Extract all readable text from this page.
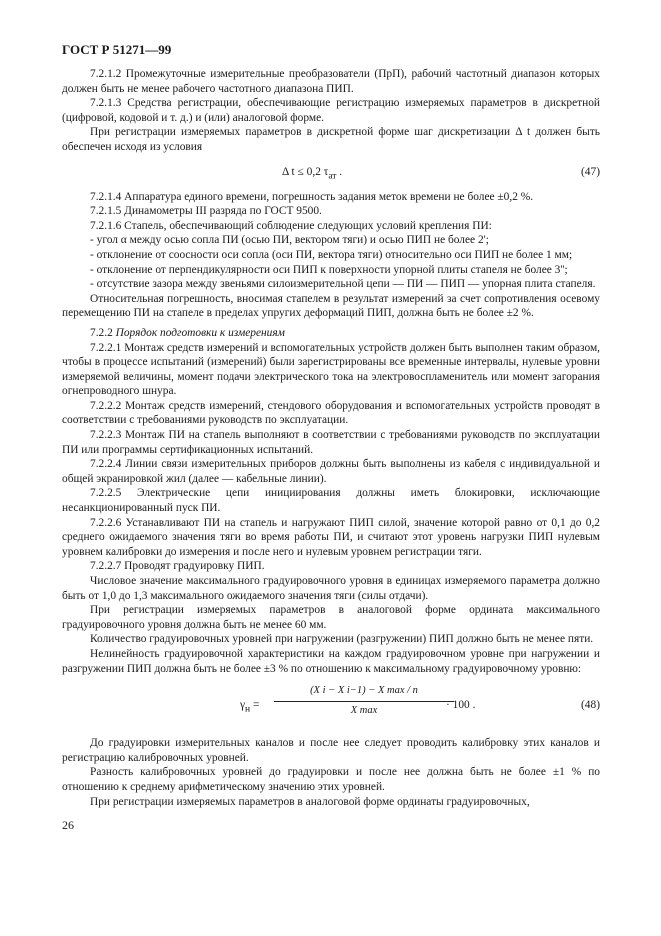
ГОСТ Р 51271—99

7.2.1.2 Промежуточные измерительные преобразователи (ПрП), рабочий частотный диапазон которых должен быть не менее рабочего частотного диапазона ПИП.

7.2.1.3 Средства регистрации, обеспечивающие регистрацию измеряемых параметров в дискретной (цифровой, кодовой и т. д.) и (или) аналоговой форме.

При регистрации измеряемых параметров в дискретной форме шаг дискретизации Δ t должен быть обеспечен исходя из условия

Δ t ≤ 0,2 $\tau_{ат}$ .	(47)

7.2.1.4 Аппаратура единого времени, погрешность задания меток времени не более ±0,2 %.

7.2.1.5 Динамометры III разряда по ГОСТ 9500.

7.2.1.6 Стапель, обеспечивающий соблюдение следующих условий крепления ПИ:

- угол α между осью сопла ПИ (осью ПИ, вектором тяги) и осью ПИП не более 2';

- отклонение от соосности оси сопла (оси ПИ, вектора тяги) относительно оси ПИП не более 1 мм;

- отклонение от перпендикулярности оси ПИП к поверхности упорной плиты стапеля не более 3'';

- отсутствие зазора между звеньями силоизмерительной цепи — ПИ — ПИП — упорная плита стапеля.

Относительная погрешность, вносимая стапелем в результат измерений за счет сопротивления осевому перемещению ПИ на стапеле в пределах упругих деформаций ПИП, должна быть не более ±2 %.

7.2.2 Порядок подготовки к измерениям

7.2.2.1 Монтаж средств измерений и вспомогательных устройств должен быть выполнен таким образом, чтобы в процессе испытаний (измерений) были зарегистрированы все временные интервалы, нулевые уровни измеряемой величины, момент подачи электрического тока на электровоспламенитель или момент загорания огнепроводного шнура.

7.2.2.2 Монтаж средств измерений, стендового оборудования и вспомогательных устройств проводят в соответствии с требованиями руководств по эксплуатации.

7.2.2.3 Монтаж ПИ на стапель выполняют в соответствии с требованиями руководств по эксплуатации ПИ или программы сертификационных испытаний.

7.2.2.4 Линии связи измерительных приборов должны быть выполнены из кабеля с индивидуальной и общей экранировкой жил (далее — кабельные линии).

7.2.2.5 Электрические цепи инициирования должны иметь блокировки, исключающие несанкционированный пуск ПИ.

7.2.2.6 Устанавливают ПИ на стапель и нагружают ПИП силой, значение которой равно от 0,1 до 0,2 среднего ожидаемого значения тяги во время работы ПИ, и считают этот уровень нагрузки ПИП нулевым уровнем калибровки до измерения и после него и нулевым уровнем регистрации тяги.

7.2.2.7 Проводят градуировку ПИП.

Числовое значение максимального градуировочного уровня в единицах измеряемого параметра должно быть от 1,0 до 1,3 максимального ожидаемого значения тяги (силы отдачи).

При регистрации измеряемых параметров в аналоговой форме ордината максимального градуировочного уровня должна быть не менее 60 мм.

Количество градуировочных уровней при нагружении (разгружении) ПИП должно быть не менее пяти.

Нелинейность градуировочной характеристики на каждом градуировочном уровне при нагружении и разгружении ПИП должна быть не более ±3 % по отношению к максимальному градуировочному уровню:

$\gamma_н$ =
(X i − X i−1) − X max / n
X max	· 100 .	(48)

До градуировки измерительных каналов и после нее следует проводить калибровку этих каналов и регистрацию калибровочных уровней.

Разность калибровочных уровней до градуировки и после нее должна быть не более ±1 % по отношению к среднему арифметическому значению этих уровней.

При регистрации измеряемых параметров в аналоговой форме ординаты градуировочных,

26
